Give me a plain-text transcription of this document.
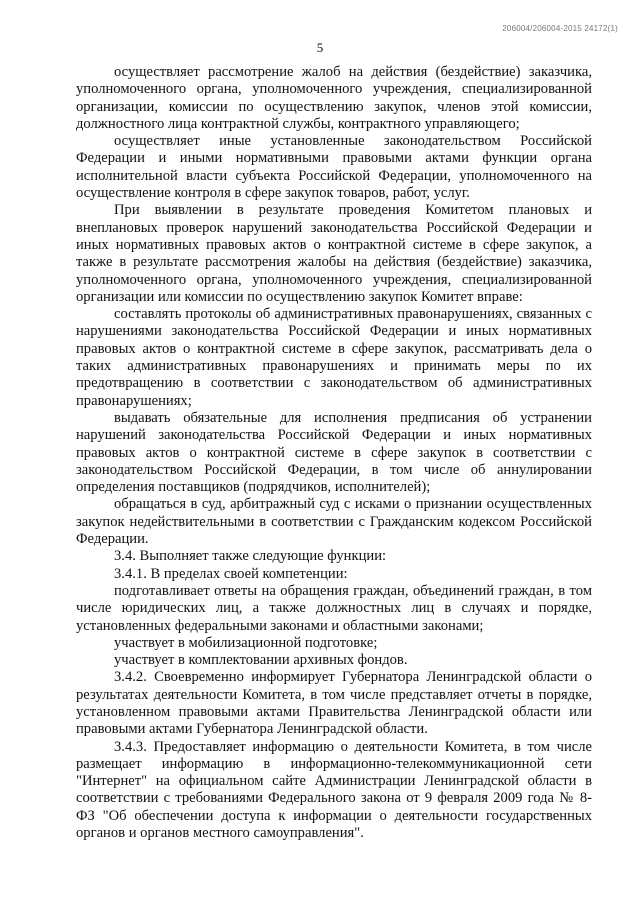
206004/206004-2015 24172(1)
5

осуществляет рассмотрение жалоб на действия (бездействие) заказчика, уполномоченного органа, уполномоченного учреждения, специализированной организации, комиссии по осуществлению закупок, членов этой комиссии, должностного лица контрактной службы, контрактного управляющего;

осуществляет иные установленные законодательством Российской Федерации и иными нормативными правовыми актами функции органа исполнительной власти субъекта Российской Федерации, уполномоченного на осуществление контроля в сфере закупок товаров, работ, услуг.

При выявлении в результате проведения Комитетом плановых и внеплановых проверок нарушений законодательства Российской Федерации и иных нормативных правовых актов о контрактной системе в сфере закупок, а также в результате рассмотрения жалобы на действия (бездействие) заказчика, уполномоченного органа, уполномоченного учреждения, специализированной организации или комиссии по осуществлению закупок Комитет вправе:

составлять протоколы об административных правонарушениях, связанных с нарушениями законодательства Российской Федерации и иных нормативных правовых актов о контрактной системе в сфере закупок, рассматривать дела о таких административных правонарушениях и принимать меры по их предотвращению в соответствии с законодательством об административных правонарушениях;

выдавать обязательные для исполнения предписания об устранении нарушений законодательства Российской Федерации и иных нормативных правовых актов о контрактной системе в сфере закупок в соответствии с законодательством Российской Федерации, в том числе об аннулировании определения поставщиков (подрядчиков, исполнителей);

обращаться в суд, арбитражный суд с исками о признании осуществленных закупок недействительными в соответствии с Гражданским кодексом Российской Федерации.

3.4. Выполняет также следующие функции:

3.4.1. В пределах своей компетенции:

подготавливает ответы на обращения граждан, объединений граждан, в том числе юридических лиц, а также должностных лиц в случаях и порядке, установленных федеральными законами и областными законами;

участвует в мобилизационной подготовке;

участвует в комплектовании архивных фондов.

3.4.2. Своевременно информирует Губернатора Ленинградской области о результатах деятельности Комитета, в том числе представляет отчеты в порядке, установленном правовыми актами Правительства Ленинградской области или правовыми актами Губернатора Ленинградской области.

3.4.3. Предоставляет информацию о деятельности Комитета, в том числе размещает информацию в информационно-телекоммуникационной сети "Интернет" на официальном сайте Администрации Ленинградской области в соответствии с требованиями Федерального закона от 9 февраля 2009 года № 8-ФЗ "Об обеспечении доступа к информации о деятельности государственных органов и органов местного самоуправления".
